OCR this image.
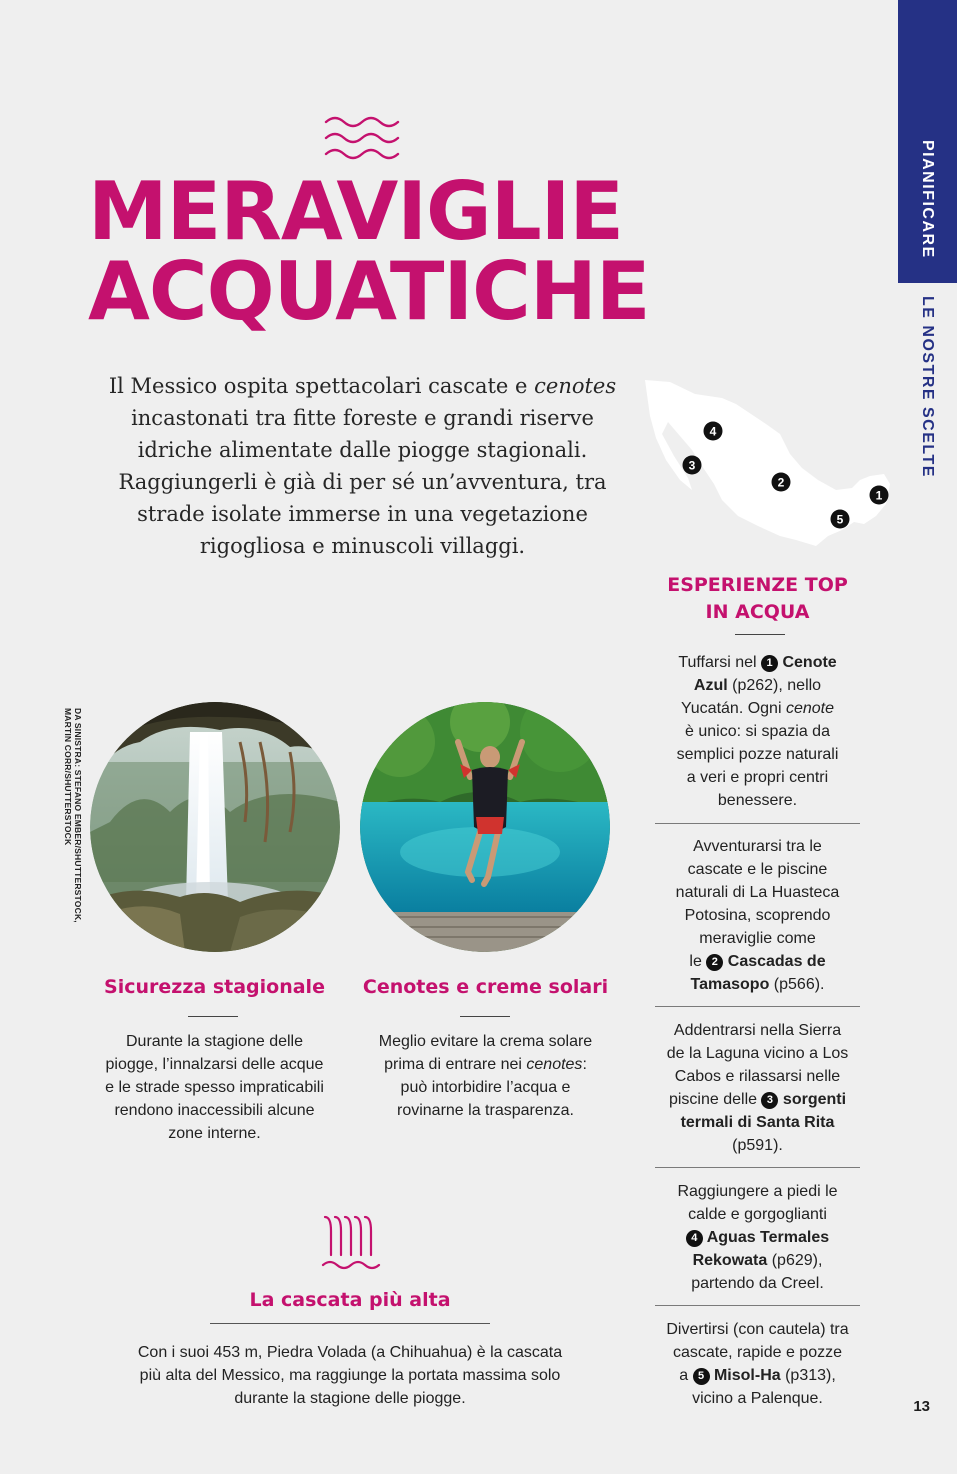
PIANIFICARE
LE NOSTRE SCELTE
MERAVIGLIE
ACQUATICHE
Il Messico ospita spettacolari cascate e cenotes
incastonati tra fitte foreste e grandi riserve
idriche alimentate dalle piogge stagionali.
Raggiungerli è già di per sé un’avventura, tra
strade isolate immerse in una vegetazione
rigogliosa e minuscoli villaggi.
1
2
3
4
5
ESPERIENZE TOP
IN ACQUA
Tuffarsi nel 1 Cenote
Azul (p262), nello
Yucatán. Ogni cenote
è unico: si spazia da
semplici pozze naturali
a veri e propri centri
benessere.
Avventurarsi tra le
cascate e le piscine
naturali di La Huasteca
Potosina, scoprendo
meraviglie come
le 2 Cascadas de
Tamasopo (p566).
Addentrarsi nella Sierra
de la Laguna vicino a Los
Cabos e rilassarsi nelle
piscine delle 3 sorgenti
termali di Santa Rita
(p591).
Raggiungere a piedi le
calde e gorgoglianti
4 Aguas Termales
Rekowata (p629),
partendo da Creel.
Divertirsi (con cautela) tra
cascate, rapide e pozze
a 5 Misol-Ha (p313),
vicino a Palenque.
DA SINISTRA: STEFANO EMBER/SHUTTERSTOCK,
MARTIN CORR/SHUTTERSTOCK
Sicurezza stagionale
Durante la stagione delle
piogge, l’innalzarsi delle acque
e le strade spesso impraticabili
rendono inaccessibili alcune
zone interne.
Cenotes e creme solari
Meglio evitare la crema solare
prima di entrare nei cenotes:
può intorbidire l’acqua e
rovinarne la trasparenza.
La cascata più alta
Con i suoi 453 m, Piedra Volada (a Chihuahua) è la cascata
più alta del Messico, ma raggiunge la portata massima solo
durante la stagione delle piogge.	13
